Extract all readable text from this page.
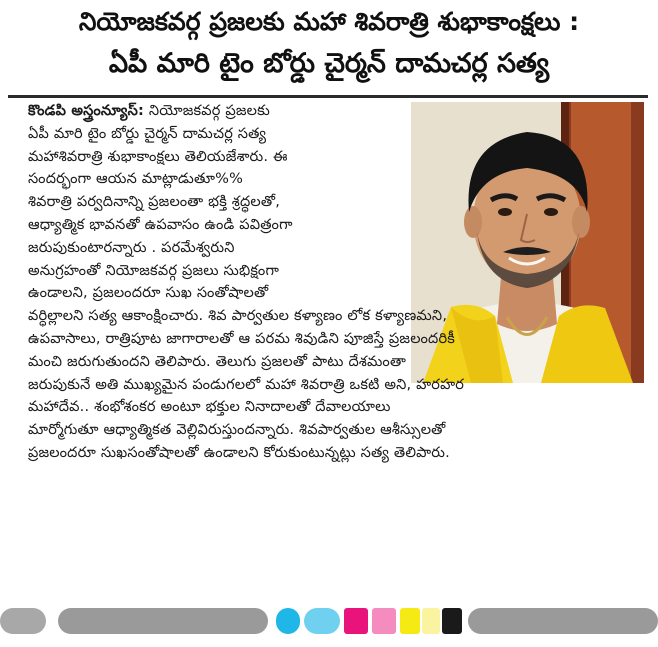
నియోజకవర్గ ప్రజలకు మహా శివరాత్రి శుభాకాంక్షలు :
ఏపీ మారి టైం బోర్డు చైర్మన్ దామచర్ల సత్య
కొండపి అస్త్రంన్యూస్: నియోజకవర్గ ప్రజలకు
ఏపీ మారి టైం బోర్డు చైర్మన్ దామచర్ల సత్య
మహాశివరాత్రి శుభాకాంక్షలు తెలియజేశారు. ఈ
సందర్భంగా ఆయన మాట్లాడుతూ%%
శివరాత్రి పర్వదినాన్ని ప్రజలంతా భక్తి శ్రద్ధలతో,
ఆధ్యాత్మిక భావనతో ఉపవాసం ఉండి పవిత్రంగా
జరుపుకుంటారన్నారు . పరమేశ్వరుని
అనుగ్రహంతో నియోజకవర్గ ప్రజలు సుభిక్షంగా
ఉండాలని, ప్రజలందరూ సుఖ సంతోషాలతో
వర్ధిల్లాలని సత్య ఆకాంక్షించారు. శివ పార్వతుల కళ్యాణం లోక కళ్యాణమని,
ఉపవాసాలు, రాత్రిపూట జాగారాలతో ఆ పరమ శివుడిని పూజిస్తే ప్రజలందరికీ
మంచి జరుగుతుందని తెలిపారు. తెలుగు ప్రజలతో పాటు దేశమంతా
జరుపుకునే అతి ముఖ్యమైన పండుగలలో మహా శివరాత్రి ఒకటి అని, హరహర
మహాదేవ.. శంభోశంకర అంటూ భక్తుల నినాదాలతో దేవాలయాలు
మార్మోగుతూ ఆధ్యాత్మికత వెల్లివిరుస్తుందన్నారు. శివపార్వతుల ఆశీస్సులతో
ప్రజలందరూ సుఖసంతోషాలతో ఉండాలని కోరుకుంటున్నట్లు సత్య తెలిపారు.
